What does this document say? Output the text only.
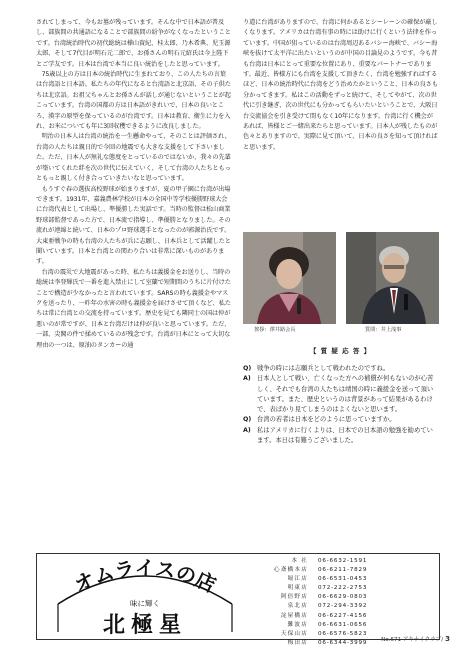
されてしまって、今もお墓が残っています。そんな中で日本語が普及し、部族間の共通語になることで部族間の紛争がなくなったということです。台湾統治時代の初代総統は樺山資紀、桂太郎、乃木希典、児玉源太郎、そして7代目が明石元二郎で、お孫さんの明石元紹氏は今上陛下とご学友です。日本は台湾で本当に良い統治をしたと思っています。

75歳以上の方は日本の統治時代に生まれており、この人たちの言葉は台湾語と日本語。私たちの年代になると台湾語と北京語、その子供たちは北京語。お祖父ちゃんとお孫さんが話しが通じないということが起こっています。台湾の国都の方は日本語がきれいで、日本の良いところ、漢字の原型を保っているのが台湾です。日本は教育、衛生に力を入れ、お米についても年に3回収穫できるように改良しました。

明治の日本人は台湾の統治を一生懸命やって、そのことは評価され、台湾の人たちは親日的で今回の地震でも大きな支援をして下さいました。ただ、日本人が無礼な態度をとっているのではないか、我々の先輩が築いてくれた絆を次の世代に伝えていく、そして台湾の人たちともっともっと親しく付き合っていきたいなと思っています。

もうすぐ春の選抜高校野球が始まりますが、夏の甲子園に台湾が出場できます。1931年、嘉義農林学校が日本の全国中等学校優勝野球大会に台湾代表として出場し、準優勝した実話です。当時の監督は松山商業野球部監督であった方で、日本流で指導し、準優勝となりました。その流れが連綿と続いて、日本のプロ野球選手となったのが郭源治氏です。大東亜戦争の時も台湾の人たちが兵に志願し、日本兵として活躍したと聞いています。日本と台湾との関わり合いは非常に深いものがあります。

台湾の震災で大地震があった時、私たちは義援金をお送りし、当時の総統は李登輝氏で一番を進入禁止にして室蘭で短期間のうちに片付けたことで構造が少なかったと言われています。SARSの時も義援金やマスクを送ったり、一昨年の水害の時も義援金を届けさせて頂くなど、私たちは常に台湾との交流を持っています。歴史を見ても隣同士の国は仲が悪いのが常ですが、日本と台湾だけは仲が良いと思っています。ただ、一部、尖閣の件で揉めているのが残念です。台湾が日本にとって大切な理由の一つは、原油のタンカーの通

り道に台湾がありますので、台湾に何かあるとシーレーンの確保が厳しくなります。アメリカは台湾有事の時には助けに行くという法律を作っています。中国が狙っているのは台湾周辺あるバシー海峡で、バシー海峡を抜けて太平洋に出たいというのが中国の目論見のようです。今も昔も台湾は日本にとって重要な位置にあり、重要なパートナーであります。最近、皆様方にも台湾を支援して頂きたく、台湾を勉強すればするほど、日本の統治時代に台湾をどう治めたかということ、日本の良さも分かってきます。私はこの活動をずっと続けて、そしてやがて、次の世代に引き継ぎ、次の世代にも分かってもらいたいということで、大阪日台交流協会を引き受けて間もなく10年になります。台湾に行く機会があれば、皆様とご一緒出来たらと思っています。日本人が残したものが色々とありますので、実際に見て頂いて、日本の良さを知って頂ければと思います。

挨拶：澤井路会長	質問：井上浅事
【 質 疑 応 答 】
Q) 戦争の時には志願兵として戦われたのですね。
A) 日本人として戦い、亡くなった方への補償が何もないのが心苦しく、それでも台湾の人たちは靖国の時に義援金を送って頂いています。また、歴史というのは背景があって結果があるわけで、表ばかり見てしまうのはよくないと思います。
Q) 台湾の若者は日本をどのように思っていますか。
A) 私はアメリカに行くよりは、日本での日本語の勉強を勧めています。本日は有難うございました。
オムライスの店
味に輝く
北極星
本 社	06-6632-1591
心斎橋本店	06-6211-7829
堀江店	06-6531-0453
明東店	072-222-2753
阿倍野店	06-6629-0803
泉北店	072-294-3392
淀屋橋店	06-6227-4156
難波店	06-6631-0656
天保山店	06-6576-5823
梅田店	06-6344-3999 No.671 アキナイクラブ/ 3
